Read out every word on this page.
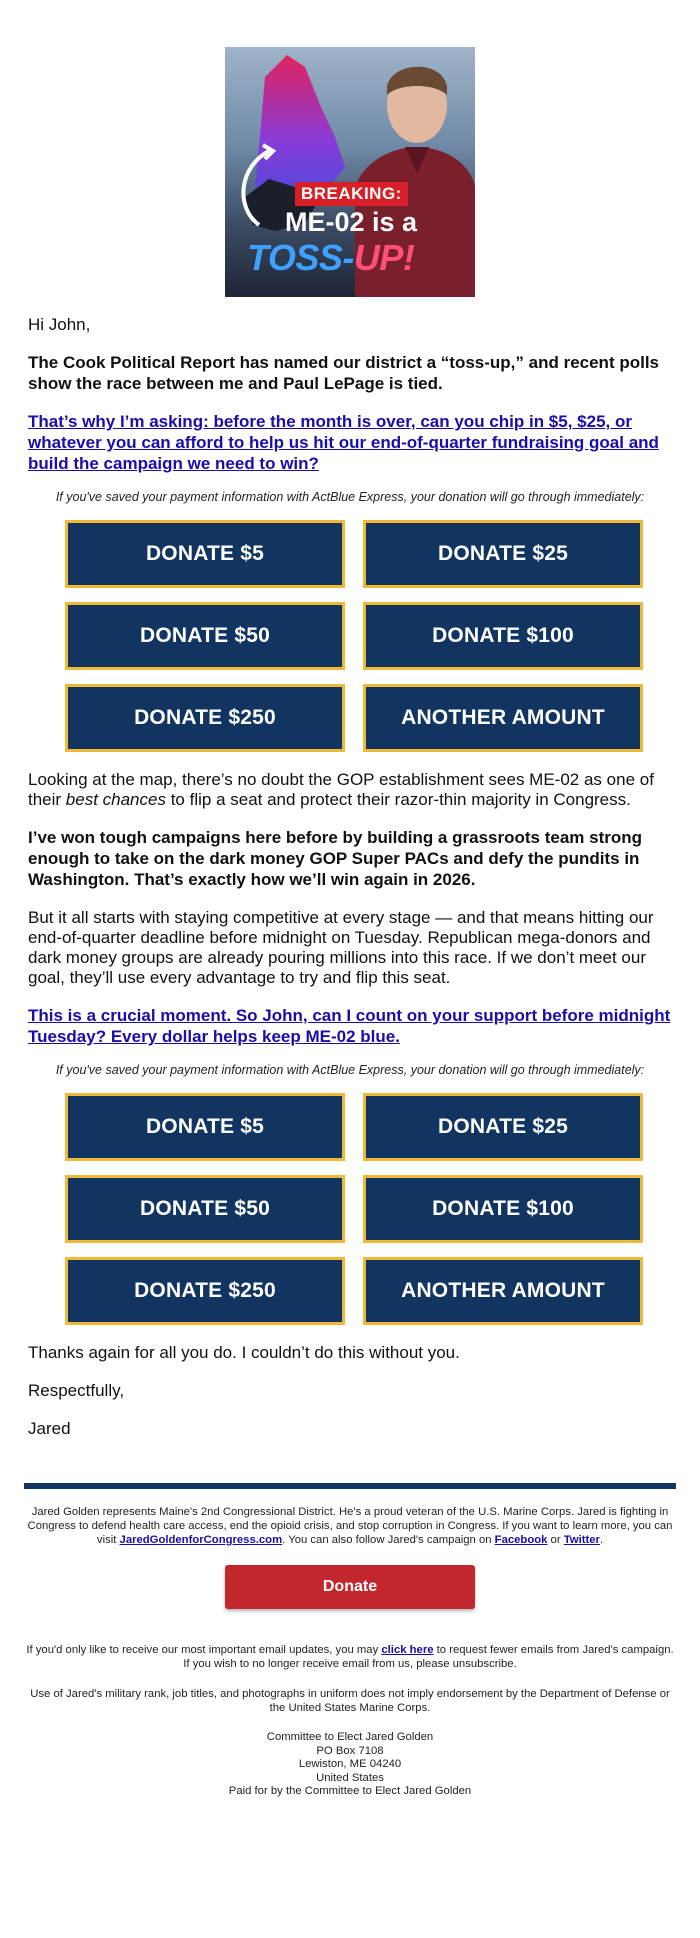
BREAKING:
ME-02 is a
TOSS-UP!

Hi John,

The Cook Political Report has named our district a “toss-up,” and recent polls show the race between me and Paul LePage is tied.

That’s why I’m asking: before the month is over, can you chip in $5, $25, or whatever you can afford to help us hit our end-of-quarter fundraising goal and build the campaign we need to win?

If you've saved your payment information with ActBlue Express, your donation will go through immediately:

DONATE $5	DONATE $25
DONATE $50	DONATE $100
DONATE $250	ANOTHER AMOUNT

Looking at the map, there’s no doubt the GOP establishment sees ME-02 as one of their best chances to flip a seat and protect their razor-thin majority in Congress.

I’ve won tough campaigns here before by building a grassroots team strong enough to take on the dark money GOP Super PACs and defy the pundits in Washington. That’s exactly how we’ll win again in 2026.

But it all starts with staying competitive at every stage — and that means hitting our end-of-quarter deadline before midnight on Tuesday. Republican mega-donors and dark money groups are already pouring millions into this race. If we don’t meet our goal, they’ll use every advantage to try and flip this seat.

This is a crucial moment. So John, can I count on your support before midnight Tuesday? Every dollar helps keep ME-02 blue.

If you've saved your payment information with ActBlue Express, your donation will go through immediately:

DONATE $5	DONATE $25
DONATE $50	DONATE $100
DONATE $250	ANOTHER AMOUNT

Thanks again for all you do. I couldn’t do this without you.

Respectfully,

Jared

Jared Golden represents Maine's 2nd Congressional District. He's a proud veteran of the U.S. Marine Corps. Jared is fighting in Congress to defend health care access, end the opioid crisis, and stop corruption in Congress. If you want to learn more, you can visit JaredGoldenforCongress.com. You can also follow Jared's campaign on Facebook or Twitter.

Donate

If you'd only like to receive our most important email updates, you may click here to request fewer emails from Jared's campaign. If you wish to no longer receive email from us, please unsubscribe.

Use of Jared's military rank, job titles, and photographs in uniform does not imply endorsement by the Department of Defense or the United States Marine Corps.

Committee to Elect Jared Golden
PO Box 7108
Lewiston, ME 04240
United States
Paid for by the Committee to Elect Jared Golden
